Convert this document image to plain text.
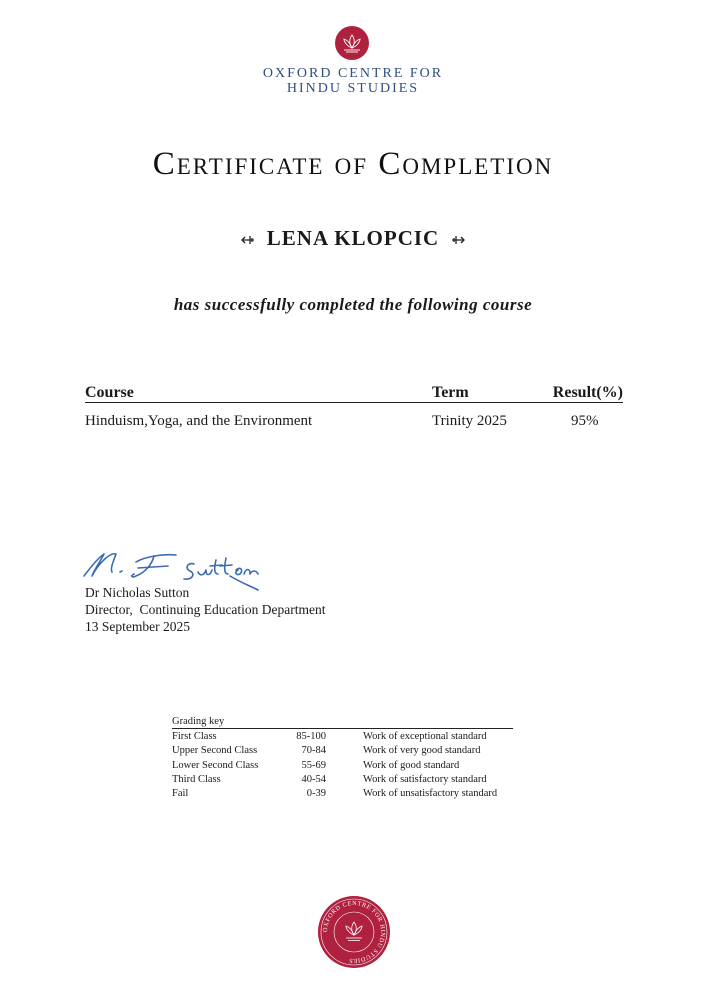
OXFORD CENTRE FOR
HINDU STUDIES
Certificate of Completion
LENA KLOPCIC
has successfully completed the following course
Course	Term	Result(%)
Hinduism,Yoga, and the Environment	Trinity 2025	95%
Dr Nicholas Sutton
Director,  Continuing Education Department
13 September 2025
Grading key
First Class	85-100	Work of exceptional standard
Upper Second Class	70-84	Work of very good standard
Lower Second Class	55-69	Work of good standard
Third Class	40-54	Work of satisfactory standard
Fail	0-39	Work of unsatisfactory standard
OXFORD CENTRE FOR HINDU STUDIES
